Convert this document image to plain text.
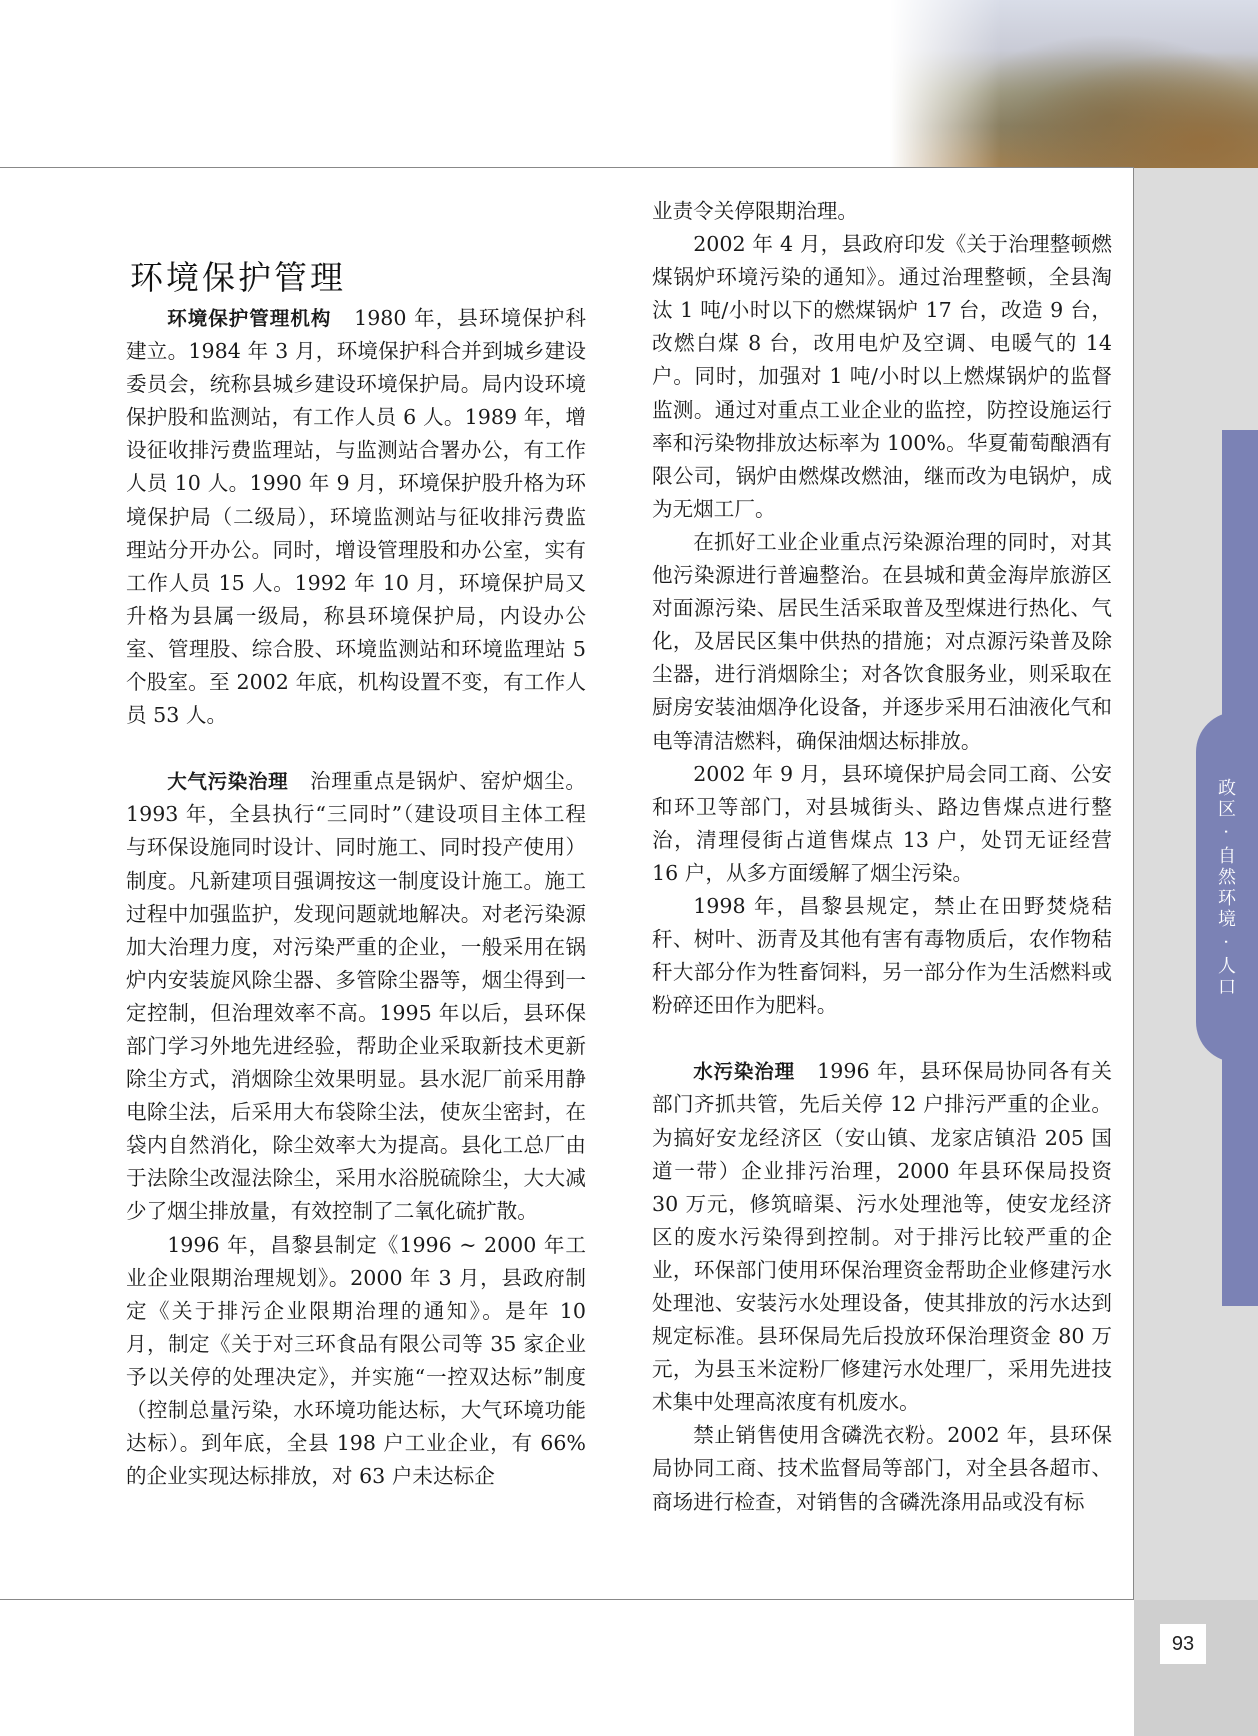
政区 · 自然环境 · 人口
93
环境保护管理

环境保护管理机构 1980 年，县环境保护科建立。1984 年 3 月，环境保护科合并到城乡建设委员会，统称县城乡建设环境保护局。局内设环境保护股和监测站，有工作人员 6 人。1989 年，增设征收排污费监理站，与监测站合署办公，有工作人员 10 人。1990 年 9 月，环境保护股升格为环境保护局（二级局），环境监测站与征收排污费监理站分开办公。同时，增设管理股和办公室，实有工作人员 15 人。1992 年 10 月，环境保护局又升格为县属一级局，称县环境保护局，内设办公室、管理股、综合股、环境监测站和环境监理站 5 个股室。至 2002 年底，机构设置不变，有工作人员 53 人。

大气污染治理 治理重点是锅炉、窑炉烟尘。1993 年，全县执行“三同时”（建设项目主体工程与环保设施同时设计、同时施工、同时投产使用）制度。凡新建项目强调按这一制度设计施工。施工过程中加强监护，发现问题就地解决。对老污染源加大治理力度，对污染严重的企业，一般采用在锅炉内安装旋风除尘器、多管除尘器等，烟尘得到一定控制，但治理效率不高。1995 年以后，县环保部门学习外地先进经验，帮助企业采取新技术更新除尘方式，消烟除尘效果明显。县水泥厂前采用静电除尘法，后采用大布袋除尘法，使灰尘密封，在袋内自然消化，除尘效率大为提高。县化工总厂由于法除尘改湿法除尘，采用水浴脱硫除尘，大大减少了烟尘排放量，有效控制了二氧化硫扩散。

1996 年，昌黎县制定《1996 ~ 2000 年工业企业限期治理规划》。2000 年 3 月，县政府制定《关于排污企业限期治理的通知》。是年 10 月，制定《关于对三环食品有限公司等 35 家企业予以关停的处理决定》，并实施“一控双达标”制度（控制总量污染，水环境功能达标，大气环境功能达标）。到年底，全县 198 户工业企业，有 66% 的企业实现达标排放，对 63 户未达标企

业责令关停限期治理。

2002 年 4 月，县政府印发《关于治理整顿燃煤锅炉环境污染的通知》。通过治理整顿，全县淘汰 1 吨/小时以下的燃煤锅炉 17 台，改造 9 台，改燃白煤 8 台，改用电炉及空调、电暖气的 14 户。同时，加强对 1 吨/小时以上燃煤锅炉的监督监测。通过对重点工业企业的监控，防控设施运行率和污染物排放达标率为 100%。华夏葡萄酿酒有限公司，锅炉由燃煤改燃油，继而改为电锅炉，成为无烟工厂。

在抓好工业企业重点污染源治理的同时，对其他污染源进行普遍整治。在县城和黄金海岸旅游区对面源污染、居民生活采取普及型煤进行热化、气化，及居民区集中供热的措施；对点源污染普及除尘器，进行消烟除尘；对各饮食服务业，则采取在厨房安装油烟净化设备，并逐步采用石油液化气和电等清洁燃料，确保油烟达标排放。

2002 年 9 月，县环境保护局会同工商、公安和环卫等部门，对县城街头、路边售煤点进行整治，清理侵街占道售煤点 13 户，处罚无证经营 16 户，从多方面缓解了烟尘污染。

1998 年，昌黎县规定，禁止在田野焚烧秸秆、树叶、沥青及其他有害有毒物质后，农作物秸秆大部分作为牲畜饲料，另一部分作为生活燃料或粉碎还田作为肥料。

水污染治理 1996 年，县环保局协同各有关部门齐抓共管，先后关停 12 户排污严重的企业。为搞好安龙经济区（安山镇、龙家店镇沿 205 国道一带）企业排污治理，2000 年县环保局投资 30 万元，修筑暗渠、污水处理池等，使安龙经济区的废水污染得到控制。对于排污比较严重的企业，环保部门使用环保治理资金帮助企业修建污水处理池、安装污水处理设备，使其排放的污水达到规定标准。县环保局先后投放环保治理资金 80 万元，为县玉米淀粉厂修建污水处理厂，采用先进技术集中处理高浓度有机废水。

禁止销售使用含磷洗衣粉。2002 年，县环保局协同工商、技术监督局等部门，对全县各超市、商场进行检查，对销售的含磷洗涤用品或没有标
